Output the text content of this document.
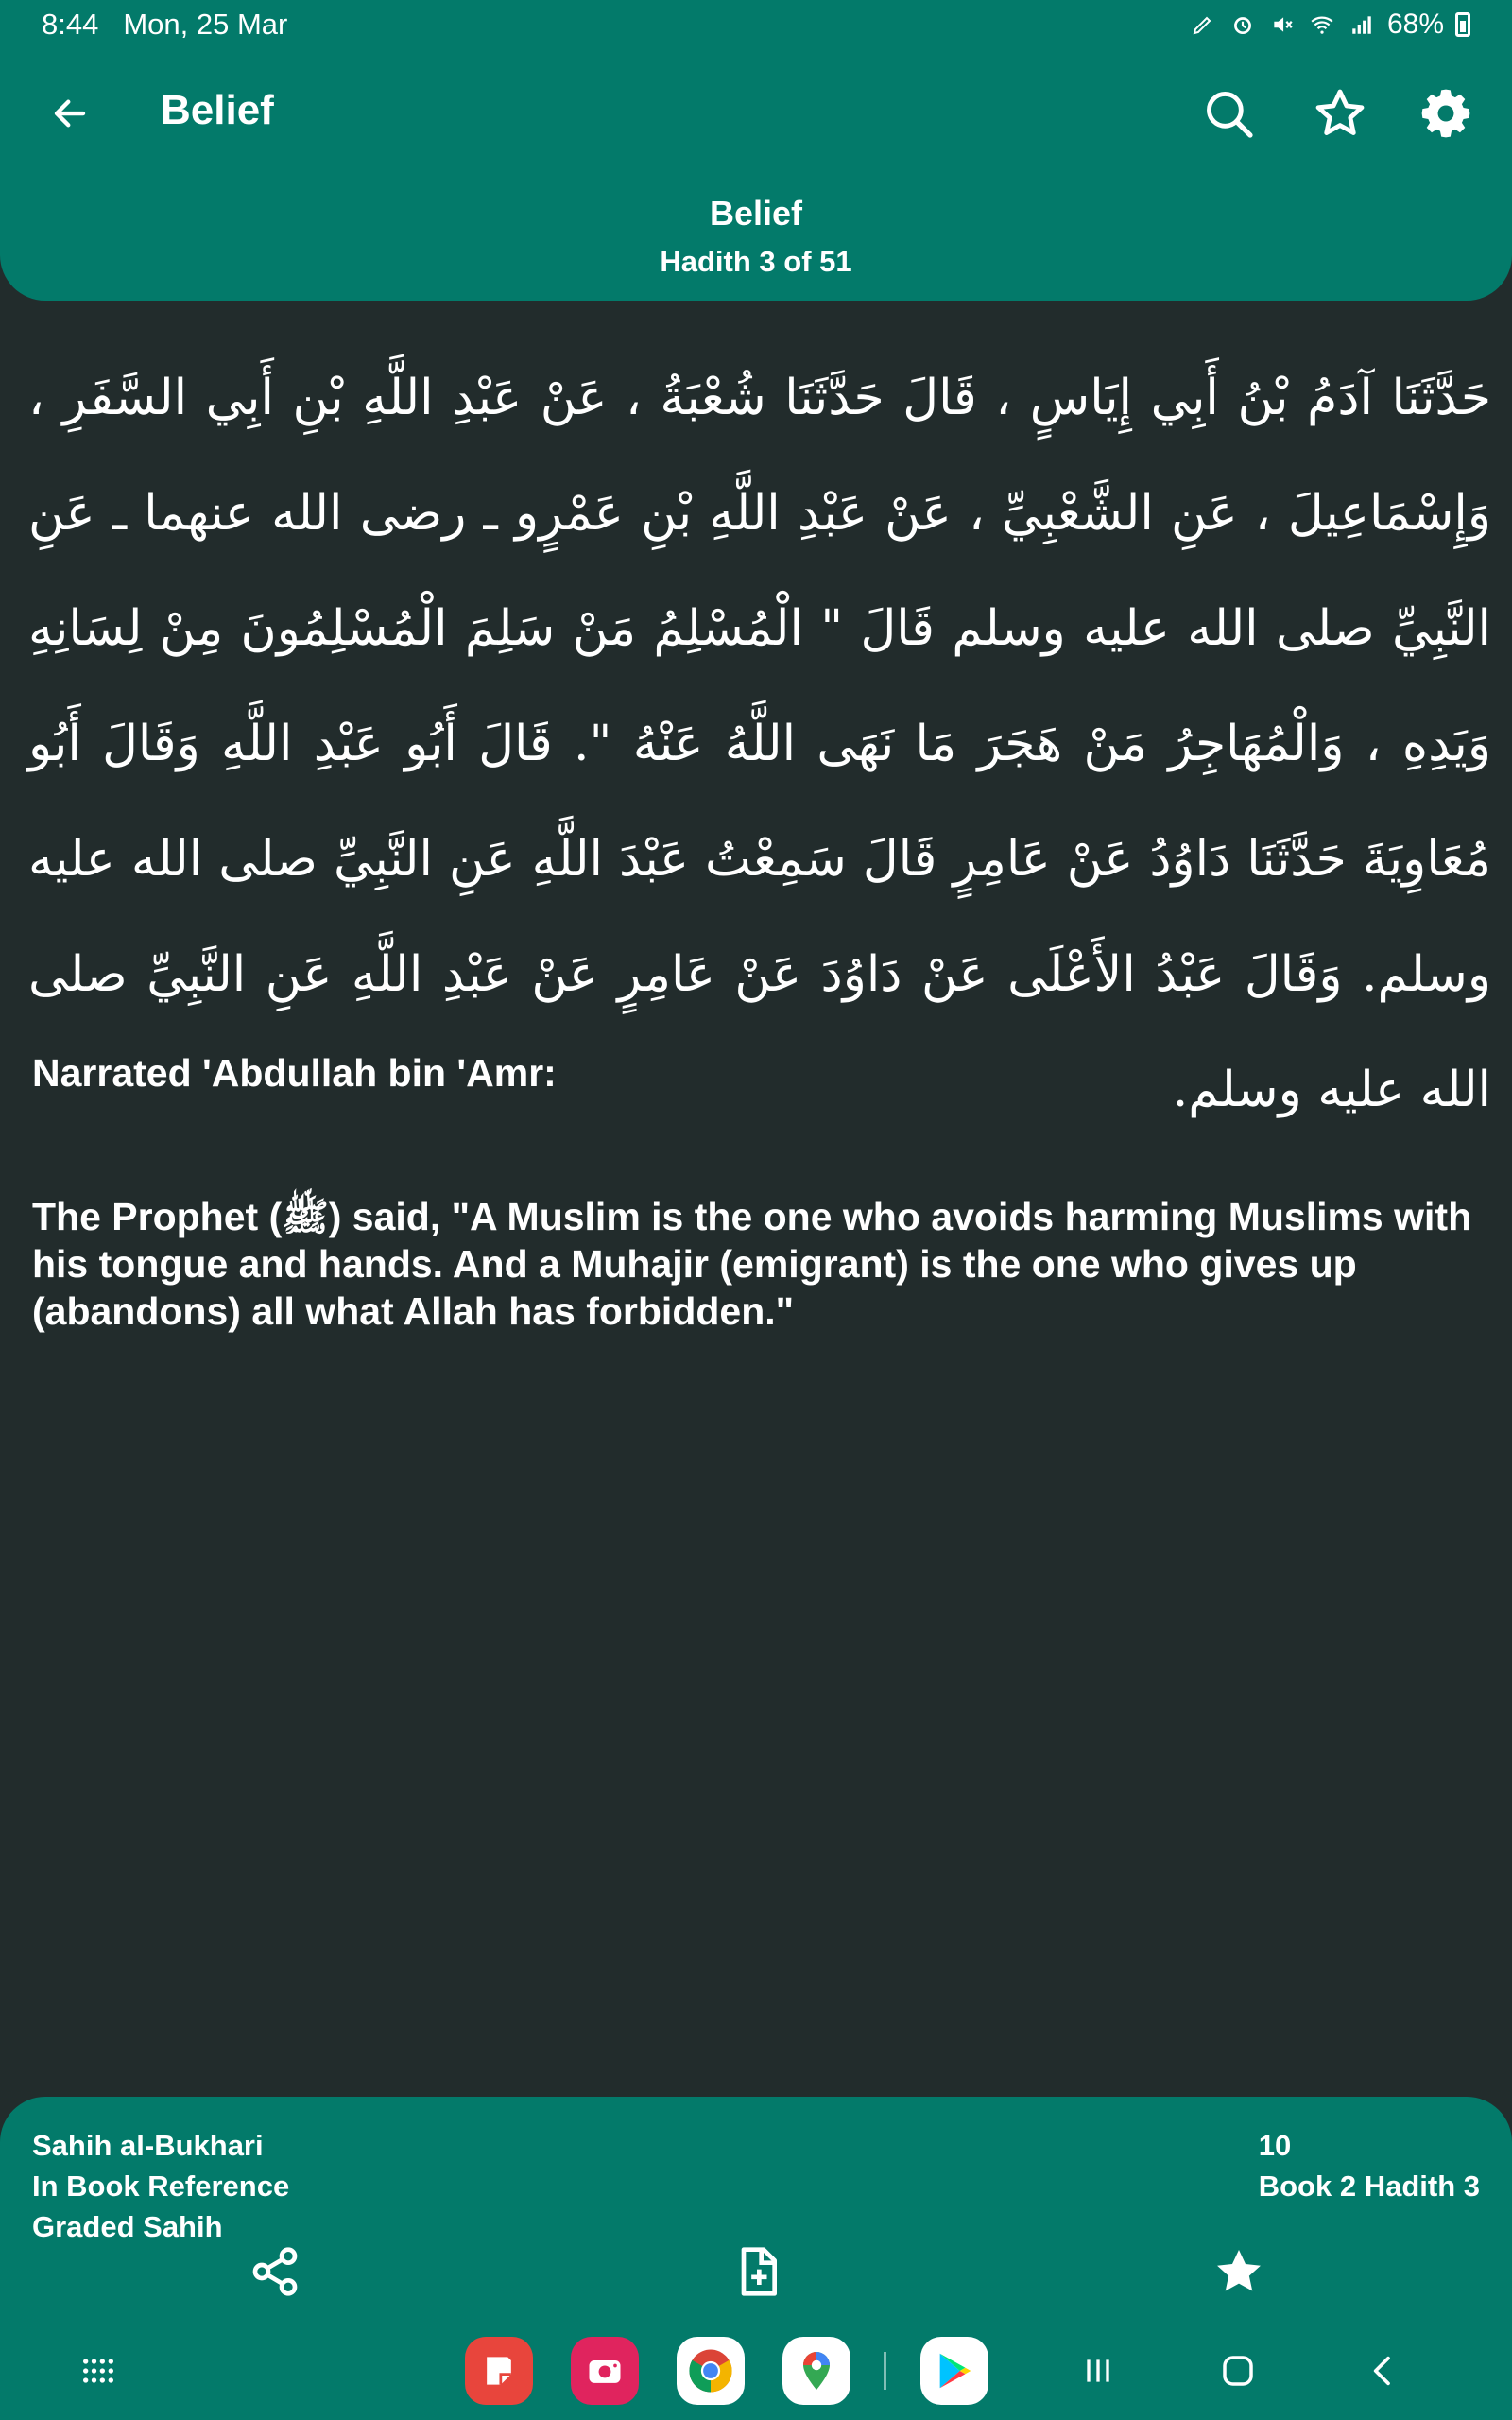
8:44 Mon, 25 Mar	68%
Belief
Belief
Hadith 3 of 51
حَدَّثَنَا آدَمُ بْنُ أَبِي إِيَاسٍ ، قَالَ حَدَّثَنَا شُعْبَةُ ، عَنْ عَبْدِ اللَّهِ بْنِ أَبِي السَّفَرِ ، وَإِسْمَاعِيلَ ، عَنِ الشَّعْبِيِّ ، عَنْ عَبْدِ اللَّهِ بْنِ عَمْرٍو ـ رضى الله عنهما ـ عَنِ النَّبِيِّ صلى الله عليه وسلم قَالَ " الْمُسْلِمُ مَنْ سَلِمَ الْمُسْلِمُونَ مِنْ لِسَانِهِ وَيَدِهِ ، وَالْمُهَاجِرُ مَنْ هَجَرَ مَا نَهَى اللَّهُ عَنْهُ ". قَالَ أَبُو عَبْدِ اللَّهِ وَقَالَ أَبُو مُعَاوِيَةَ حَدَّثَنَا دَاوُدُ عَنْ عَامِرٍ قَالَ سَمِعْتُ عَبْدَ اللَّهِ عَنِ النَّبِيِّ صلى الله عليه وسلم. وَقَالَ عَبْدُ الأَعْلَى عَنْ دَاوُدَ عَنْ عَامِرٍ عَنْ عَبْدِ اللَّهِ عَنِ النَّبِيِّ صلى الله عليه وسلم.
Narrated 'Abdullah bin 'Amr:
The Prophet (ﷺ) said, "A Muslim is the one who avoids harming Muslims with his tongue and hands. And a Muhajir (emigrant) is the one who gives up (abandons) all what Allah has forbidden."
Sahih al-Bukhari
In Book Reference
Graded Sahih
10
Book 2 Hadith 3
